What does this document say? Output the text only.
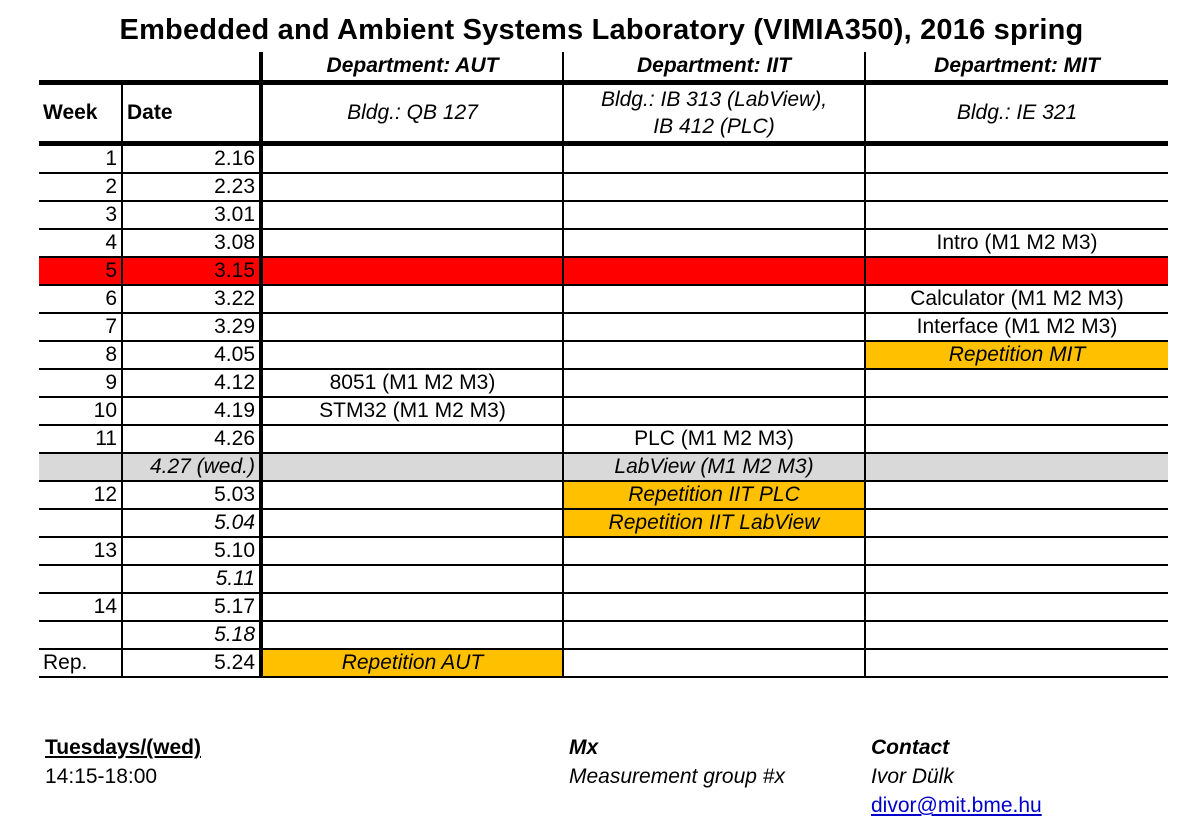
Embedded and Ambient Systems Laboratory (VIMIA350), 2016 spring
		Department: AUT	Department: IIT	Department: MIT
Week	Date	Bldg.: QB 127	Bldg.: IB 313 (LabView),
IB 412 (PLC)	Bldg.: IE 321
1	2.16			
2	2.23			
3	3.01			
4	3.08			Intro (M1 M2 M3)
5	3.15			
6	3.22			Calculator (M1 M2 M3)
7	3.29			Interface (M1 M2 M3)
8	4.05			Repetition MIT
9	4.12	8051 (M1 M2 M3)		
10	4.19	STM32 (M1 M2 M3)		
11	4.26		PLC (M1 M2 M3)	
	4.27 (wed.)		LabView (M1 M2 M3)	
12	5.03		Repetition IIT PLC	
	5.04		Repetition IIT LabView	
13	5.10			
	5.11			
14	5.17			
	5.18			
Rep.	5.24	Repetition AUT		
Tuesdays/(wed)
14:15-18:00
Mx
Measurement group #x
Contact
Ivor Dülk
divor@mit.bme.hu
